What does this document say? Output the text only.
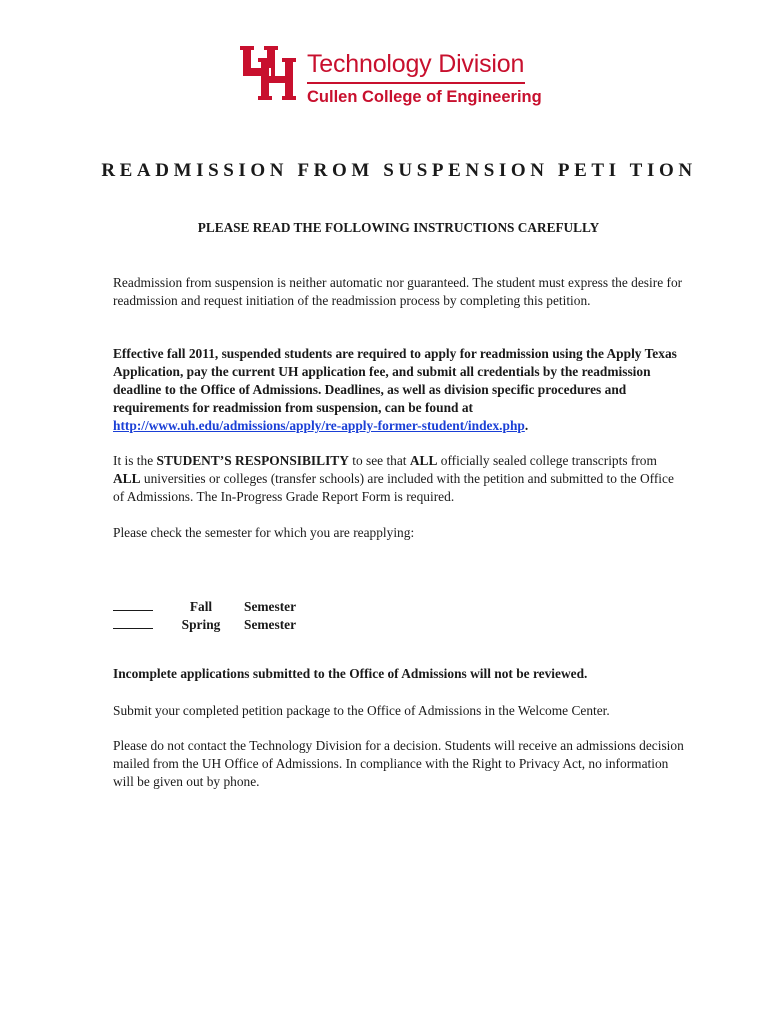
Technology Division
Cullen College of Engineering
READMISSION FROM SUSPENSION PETI TION
PLEASE READ THE FOLLOWING INSTRUCTIONS CAREFULLY

Readmission from suspension is neither automatic nor guaranteed. The student must express the desire for readmission and request initiation of the readmission process by completing this petition.

Effective fall 2011, suspended students are required to apply for readmission using the Apply Texas Application, pay the current UH application fee, and submit all credentials by the readmission deadline to the Office of Admissions. Deadlines, as well as division specific procedures and requirements for readmission from suspension, can be found at http://www.uh.edu/admissions/apply/re-apply-former-student/index.php.

It is the STUDENT’S RESPONSIBILITY to see that ALL officially sealed college transcripts from ALL universities or colleges (transfer schools) are included with the petition and submitted to the Office of Admissions. The In-Progress Grade Report Form is required.

Please check the semester for which you are reapplying:

Fall	Semester
Spring	Semester

Incomplete applications submitted to the Office of Admissions will not be reviewed.

Submit your completed petition package to the Office of Admissions in the Welcome Center.

Please do not contact the Technology Division for a decision. Students will receive an admissions decision mailed from the UH Office of Admissions. In compliance with the Right to Privacy Act, no information will be given out by phone.
